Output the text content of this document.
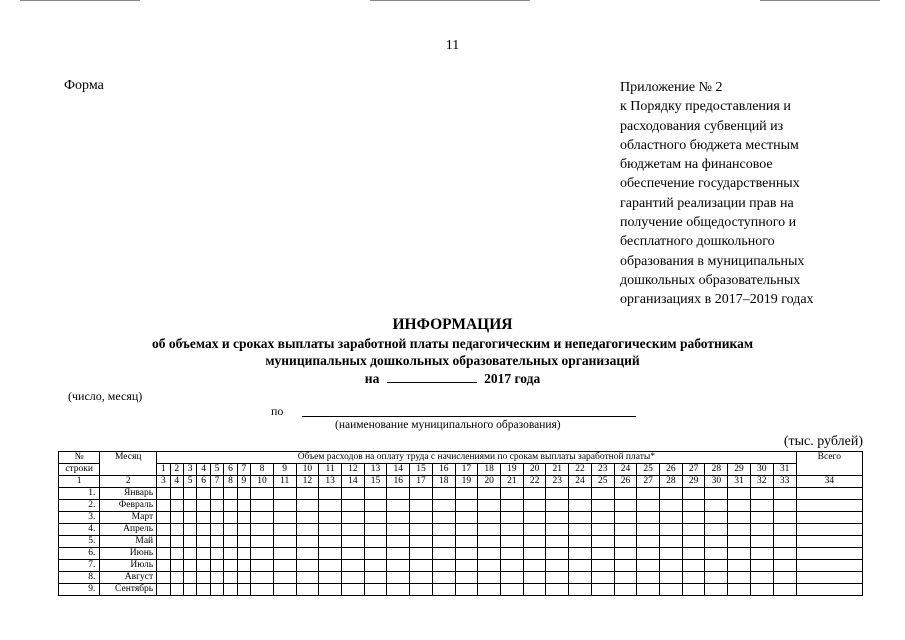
11
Форма	Приложение № 2
к Порядку предоставления и
расходования субвенций из
областного бюджета местным
бюджетам на финансовое
обеспечение государственных
гарантий реализации прав на
получение общедоступного и
бесплатного дошкольного
образования в муниципальных
дошкольных образовательных
организациях в 2017–2019 годах
ИНФОРМАЦИЯ
об объемах и сроках выплаты заработной платы педагогическим и непедагогическим работникам
муниципальных дошкольных образовательных организаций
на	2017 года
(число, месяц)
по
(наименование муниципального образования)
(тыс. рублей)
№	Месяц	Объем расходов на оплату труда с начислениями по срокам выплаты заработной платы*																															Всего
строки		1	2	3	4	5	6	7	8	9	10	11	12	13	14	15	16	17	18	19	20	21	22	23	24	25	26	27	28	29	30	31	
1	2	3	4	5	6	7	8	9	10	11	12	13	14	15	16	17	18	19	20	21	22	23	24	25	26	27	28	29	30	31	32	33	34
1.	Январь																																
2.	Февраль																																
3.	Март																																
4.	Апрель																																
5.	Май																																
6.	Июнь																																
7.	Июль																																
8.	Август																																
9.	Сентябрь																																
